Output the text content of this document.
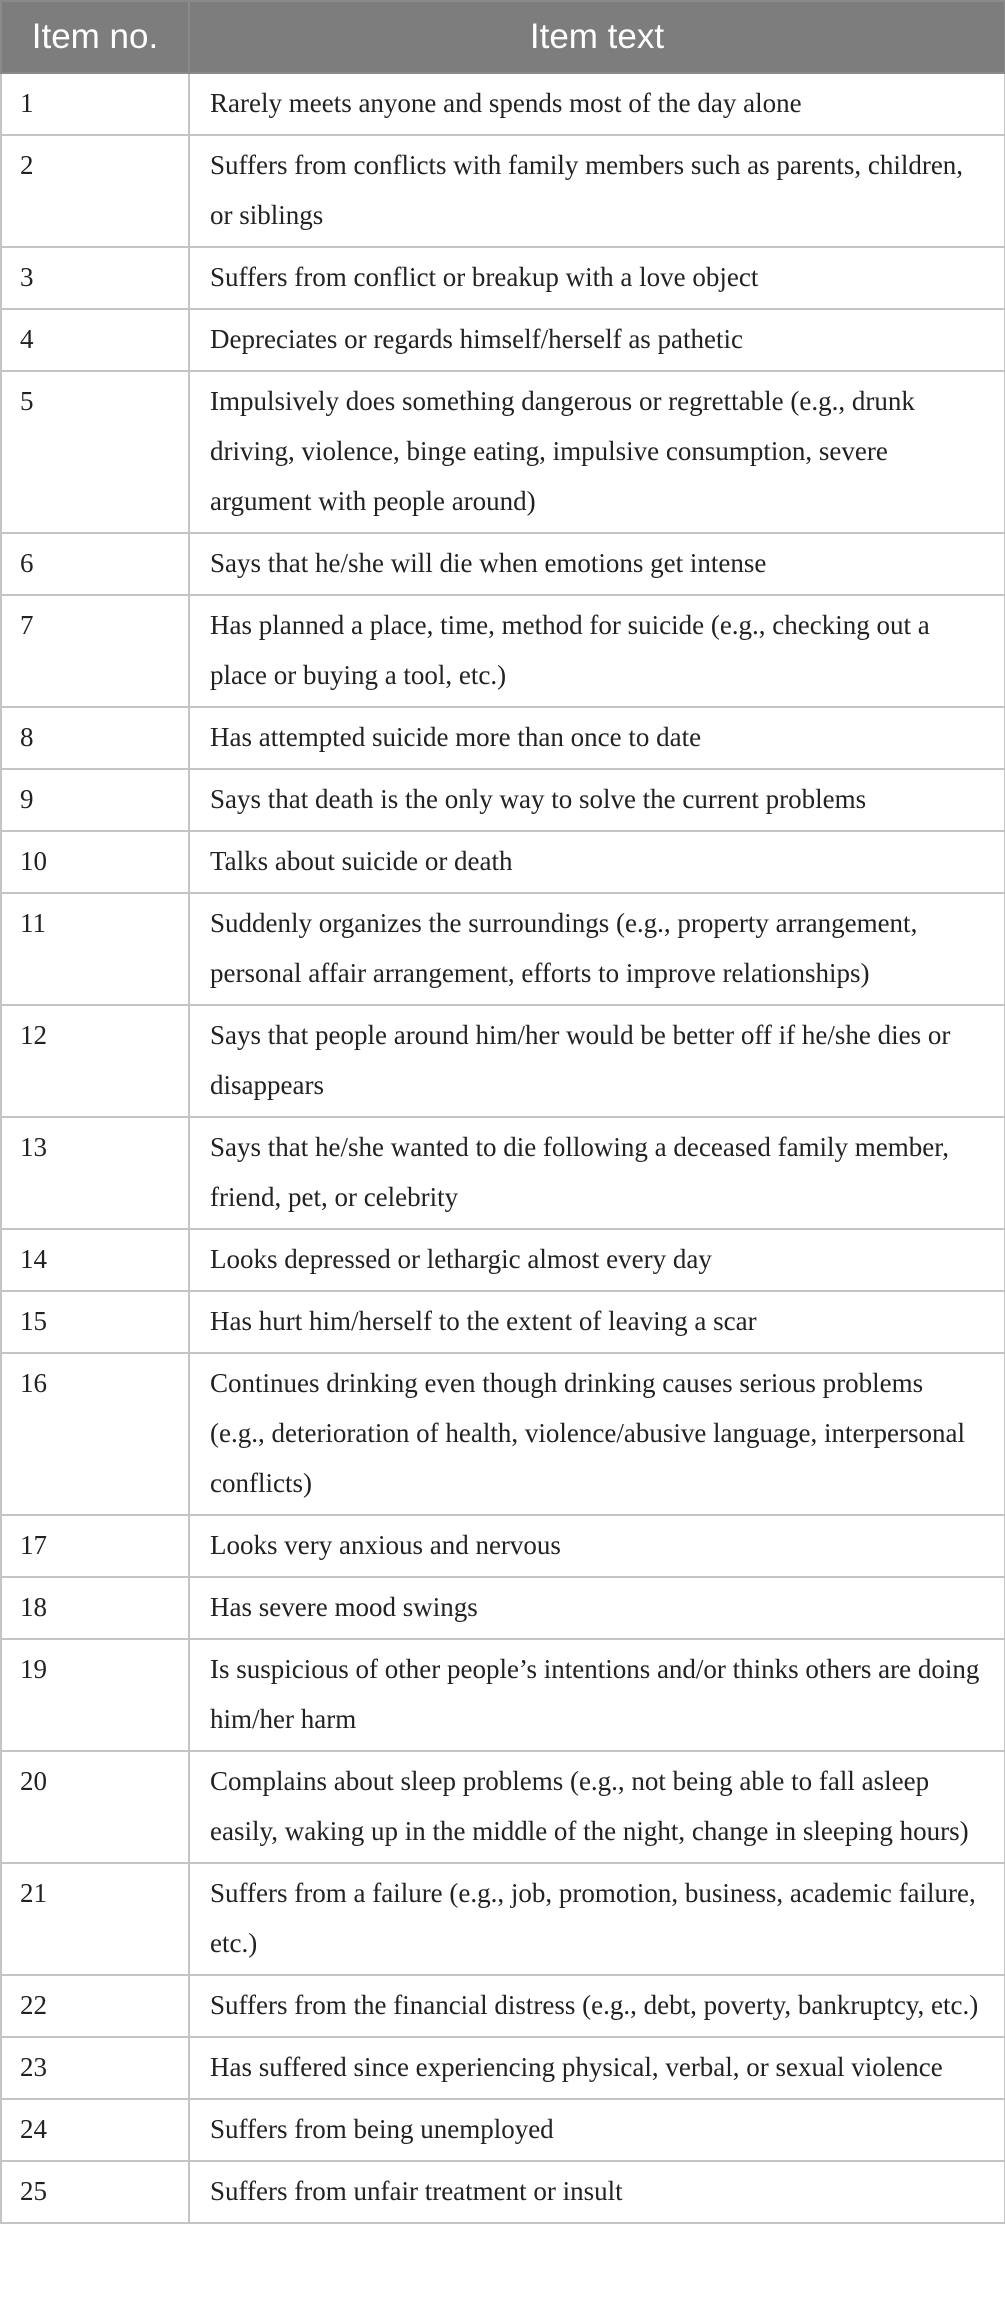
Item no.	Item text
1	Rarely meets anyone and spends most of the day alone
2	Suffers from conflicts with family members such as parents, children, or siblings
3	Suffers from conflict or breakup with a love object
4	Depreciates or regards himself/herself as pathetic
5	Impulsively does something dangerous or regrettable (e.g., drunk driving, violence, binge eating, impulsive consumption, severe argument with people around)
6	Says that he/she will die when emotions get intense
7	Has planned a place, time, method for suicide (e.g., checking out a place or buying a tool, etc.)
8	Has attempted suicide more than once to date
9	Says that death is the only way to solve the current problems
10	Talks about suicide or death
11	Suddenly organizes the surroundings (e.g., property arrangement, personal affair arrangement, efforts to improve relationships)
12	Says that people around him/her would be better off if he/she dies or disappears
13	Says that he/she wanted to die following a deceased family member, friend, pet, or celebrity
14	Looks depressed or lethargic almost every day
15	Has hurt him/herself to the extent of leaving a scar
16	Continues drinking even though drinking causes serious problems (e.g., deterioration of health, violence/abusive language, interpersonal conflicts)
17	Looks very anxious and nervous
18	Has severe mood swings
19	Is suspicious of other people’s intentions and/or thinks others are doing him/her harm
20	Complains about sleep problems (e.g., not being able to fall asleep easily, waking up in the middle of the night, change in sleeping hours)
21	Suffers from a failure (e.g., job, promotion, business, academic failure, etc.)
22	Suffers from the financial distress (e.g., debt, poverty, bankruptcy, etc.)
23	Has suffered since experiencing physical, verbal, or sexual violence
24	Suffers from being unemployed
25	Suffers from unfair treatment or insult
